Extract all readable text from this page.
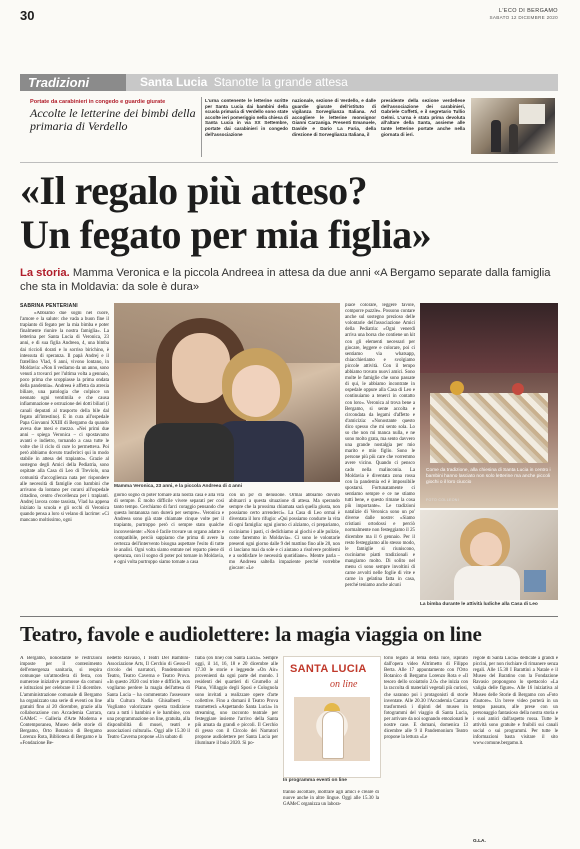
30	L'ECO DI BERGAMO
SABATO 12 DICEMBRE 2020
Tradizioni	Santa Lucia Stanotte la grande attesa
Portate da carabinieri in congedo e guardie giurate
Accolte le letterine dei bimbi della primaria di Verdello
L'urna contenente le letterine scritte per Santa Lucia dai bambini della scuola primaria di Verdello sono state accolte ieri pomeriggio nella chiesa di Santa Lucia in via XX Settembre, portate dai carabinieri in congedo dell'associazione
nazionale, sezione di Verdello, e dalle guardie giurate dell'istituto di vigilanza Sorveglianza Italiana. Ad accogliere le letterine monsignor Gianni Carzaniga. Presenti Emanuele, Davide e Dario La Faria, della direzione di Sorveglianza Italiana, il
presidente della sezione verdellese dell'associazione dei carabinieri, Gabriele Coffetti, e il segretario Tullio Gelmi. L'urna è stata prima devoluta all'altare della Santa, assieme alle tante letterine portate anche nella giornata di ieri.
«Il regalo più atteso?
Un fegato per mia figlia»
La storia. Mamma Veronica e la piccola Andreea in attesa da due anni «A Bergamo separate dalla famiglia che sta in Moldavia: da sole è dura»
SABRINA PENTERIANI
«Abbiamo due sogni nel cuore, l'amore e la salute: che vada a buon fine il trapianto di fegato per la mia bimba e poter finalmente riunire la nostra famiglia». La letterina per Santa Lucia di Veronica, 23 anni, e di sua figlia Andreea, 4, una bimba dai riccioli dorati e lo sorriso birichino, è intessuta di speranza. Il papà Andrej e il fratellino Vlad, 6 anni, vivono lontano, in Moldavia: «Non li vediamo da un anno, sono venuti a trovarci per l'ultima volta a gennaio, poco prima che scoppiasse la prima ondata della pandemia». Andreea è affetta da atresia biliare, una patologia che colpisce un neonato ogni ventimila e che causa infiammazione e ostruzione dei dotti biliari (i canali deputati al trasporto della bile dal fegato all'intestino). E in cura all'ospedale Papa Giovanni XXIII di Bergamo da quando aveva due mesi e mezzo. «Nei primi due anni – spiega Veronica – ci spostavamo avanti e indietro, tornando a casa tutte le volte che il ciclo di cure lo permetteva. Poi però abbiamo dovuto trasferirci qui in modo stabile in attesa del trapianto». Grazie al sostegno degli Amici della Pediatria, sono ospitate alla Casa di Leo di Treviolo, una comunità d'accoglienza nata per rispondere alle necessità di famiglie con bambini che arrivano da lontano per curarsi all'ospedale cittadino, centro d'eccellenza per i trapianti. Andrej lavora come tassista, Vlad ha appena iniziato la scuola e gli occhi di Veronica quando pensa a loro si velano di lacrime: «Ci mancano moltissimo, ogni
Mamma Veronica, 23 anni, e la piccola Andreea di 4 anni
giorno sogno di poter tornare alla nostra casa e alla vita di sempre. È molto difficile vivere separati per così tanto tempo. Cerchiamo di farci coraggio pensando che questa lontananza non durerà per sempre». Veronica e Andreea sono già state chiamate cinque volte per il trapianto, purtroppo però ci sempre stato qualche inconveniente: «Non è facile trovare un organo adatto e compatibile, perciò sappiamo che prima di avere la certezza dell'intervento bisogna aspettare l'esito di tutte le analisi. Ogni volta siamo entrate nel reparto piene di speranza, con il sogno di poter poi tornare in Moldavia, e ogni volta purtroppo siamo tornate a casa
con un po' di delusione. Ormai abbiamo dovuto abituarci a questa situazione di attesa. Ma sperando sempre che la prossima chiamata sarà quella giusta, non possiamo certo arrenderci». La Casa di Leo ormai è diventata il loro rifugio: «Qui possiamo condurre la vita di ogni famiglia: ogni giorno ci alziamo, ci prepariamo, cuciniamo i pasti, ci dedichiamo ai giochi e alle pulizie, come faremmo in Moldavia». Ci sono le volontarie presenti ogni giorno dalle 9 del mattino fino alle 20, non ci lasciano mai da sole e ci aiutano a risolvere problemi e a soddisfare le necessità quotidiane». Mentre parla – mo Andreea saltella impaziente perché vorrebbe giocare: «Le
piace colorare, leggere favole, comporre puzzle». Possono contare anche sul sostegno prezioso delle volontarie dell'associazione Amici della Pediatria: «Ogni venerdì arriva una borsa che contiene un kit con gli elementi necessari per giocare, leggere e colorare, poi ci sentiamo via whatsapp, chiacchieriamo e svolgiamo piccole attività. Con il tempo abbiamo trovato nuovi amici. Sono molte le famiglie che sono passate di qui, le abbiamo incontrate in ospedale oppure alla Casa di Leo e continuiamo a tenerci in contatto con loro». Veronica al trova bene a Bergamo, si sente accolta e circondata da legami d'affetto e d'amicizia: «Nonostante questo dico spesso che mi sento sola. Lo so che non mi manca nulla, e ne sono molto grata, ma sento davvero una grande nostalgia per mio marito e mio figlio. Sono le persone più più care che vorremmo avere vicino. Quando ci pensco cado nella malinconia. La Moldavia è diventata zona rossa con la pandemia ed è impossibile spostarsi. Fortunatamente ci sentiamo sempre e ce ne stiamo tutti bene, e questo rimane la cosa più importante». Le tradizioni natalizie di Veronica sono un po' diverse dalle nostre: «Siamo cristiani ortodossi e perciò normalmente non festeggiamo il 25 dicembre ma il 6 gennaio. Per il resto festeggiamo allo stesso modo, le famiglie si riuniscono, cuciniamo piatti tradizionali e mangiamo molto. Di solito nel menu ci sono sempre involtini di carne avvolti nelle foglie di vite e carne in gelatina fatta in casa, perché teniamo anche alcuni
Come da tradizione, alla chiesina di Santa Lucia in centro i bambini hanno lasciato non solo letterine ma anche piccoli giochi o il loro ciuccio
FOTO COLLEONI
La bimba durante le attività ludiche alla Casa di Leo
Teatro, favole e audiolettere: la magia viaggia on line
A Bergamo, nonostante le restrizioni imposte per il contenimento dell'emergenza sanitaria, si respira comunque un'atmosfera di festa, con numerose iniziative promosse da comuni e istituzioni per celebrare il 13 dicembre. L'amministrazione comunale di Bergamo ha organizzato una serie di eventi on line gratuiti fino al 20 dicembre, grazie alla collaborazione con Accademia Carrara, GAMeC – Galleria d'Arte Moderna e Contemporanea, Museo delle storie di Bergamo, Orto Botanico di Bergamo Lorenzo Rota, Biblioteca di Bergamo e la «Fondazione Be-
nedetto Ravasio, I Teatri Del Bambini-Associazione Arts, Il Cerchio di Gesso-Il circolo dei narratori, Pandemonium Teatro, Teatro Caverna e Teatro Prova. «In questo 2020 così triste e difficile, non vogliamo perdere la magia dell'attesa di Santa Lucia – ha commentato l'assessore alla Cultura Nadia Ghisalberti –. Vogliamo valorizzare questa tradizione cara a tutti i bambini e le bambine, con una programmazione on line, gratuita, alla disponibilità di musei, teatri e associazioni culturali». Oggi alle 15.30 il Teatro Caverna propone «Un sabato di
fiaba (on line) con Santa Lucia». Sempre oggi, il 14, 16, 18 e 20 dicembre alle 17.30 le storie e leggende «On Air» provenienti da ogni parte del mondo. I residenti dei quartieri di Grumello al Piano, Villaggio degli Sposi e Colognola sono invitati a realizzare opere d'arte collettive. Fino a domani il Teatro Prova trasmetterà «Aspettando Santa Lucia» in streaming, uno racconto teatrale per festeggiare insieme l'arrivo della Santa più amata da grandi e piccoli. Il Cerchio di gesso con il Circolo dei Narratori propone audiolettere per Santa Lucia per illuminare il buio 2020. Si po-
SANTA LUCIA
on line
In programma eventi on line
tranno ascoltare, inoltrare agli amici e creare di nuove anche in altre lingue. Oggi alle 15.30 la GAMeC organizza un labora-
torio legato al tema della luce, ispirato dall'opera video Altrimetto di Filippo Berta. Alle 17 appuntamento con l'Orto Botanico di Bergamo Lorenzo Rota e «Il tesoro dello scoiattolo 2.0» che inizia con la raccolta di materiali vegetali più curiosi, che saranno poi i protagonisti di storie inventate. Alle 20.30 l'Accademia Carrara trasformerà i dipinti del museo in fotogrammi del viaggio di Santa Lucia, per arrivare da noi sognando emozionati le nostre case. E domani, domenica 13 dicembre alle 9 il Pandemonium Teatro propone la lettura «Le
regole di Santa Lucia» dedicate a grandi e piccini, per non rischiare di rimanere senza regali. Alle 15.30 I Barattini a Natale e il Museo del Baratino con la Fondazione Ravasio propongono lo spettacolo «La valigia delle figure». Alle 16 iniziativa al Museo delle Storie di Bergamo con «Foto d'autore». Un breve video porterà in un tempo passato, alle prese con un personaggio fantasioso della nostra storia e i suoi amici dall'aspetto rossa. Tutte le attività sono gratuite e fruibili sui canali social o sui programmi. Per tutte le informazioni basta visitare il sito www.comune.bergamo.it.
G.LA.
